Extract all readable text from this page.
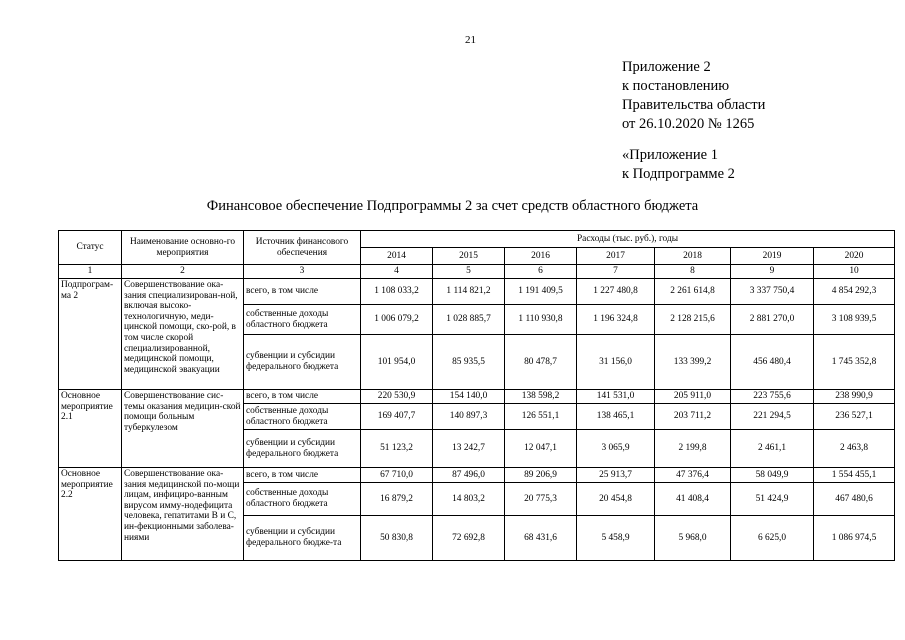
21
Приложение 2
к постановлению
Правительства области
от 26.10.2020 № 1265
«Приложение 1
к Подпрограмме 2
Финансовое обеспечение Подпрограммы 2 за счет средств областного бюджета
Статус	Наименование основно-го мероприятия	Источник финансового обеспечения	Расходы (тыс. руб.), годы						
			2014	2015	2016	2017	2018	2019	2020
1	2	3	4	5	6	7	8	9	10
Подпрограм-ма 2	Совершенствование ока-зания специализирован-ной, включая высоко-технологичную, меди-цинской помощи, ско-рой, в том числе скорой специализированной, медицинской помощи, медицинской эвакуации	всего, в том числе	1 108 033,2	1 114 821,2	1 191 409,5	1 227 480,8	2 261 614,8	3 337 750,4	4 854 292,3
		собственные доходы областного бюджета	1 006 079,2	1 028 885,7	1 110 930,8	1 196 324,8	2 128 215,6	2 881 270,0	3 108 939,5
		субвенции и субсидии федерального бюджета	101 954,0	85 935,5	80 478,7	31 156,0	133 399,2	456 480,4	1 745 352,8
Основное мероприятие 2.1	Совершенствование сис-темы оказания медицин-ской помощи больным туберкулезом	всего, в том числе	220 530,9	154 140,0	138 598,2	141 531,0	205 911,0	223 755,6	238 990,9
		собственные доходы областного бюджета	169 407,7	140 897,3	126 551,1	138 465,1	203 711,2	221 294,5	236 527,1
		субвенции и субсидии федерального бюджета	51 123,2	13 242,7	12 047,1	3 065,9	2 199,8	2 461,1	2 463,8
Основное мероприятие 2.2	Совершенствование ока-зания медицинской по-мощи лицам, инфициро-ванным вирусом имму-нодефицита человека, гепатитами В и С, ин-фекционными заболева-ниями	всего, в том числе	67 710,0	87 496,0	89 206,9	25 913,7	47 376,4	58 049,9	1 554 455,1
		собственные доходы областного бюджета	16 879,2	14 803,2	20 775,3	20 454,8	41 408,4	51 424,9	467 480,6
		субвенции и субсидии федерального бюдже-та	50 830,8	72 692,8	68 431,6	5 458,9	5 968,0	6 625,0	1 086 974,5
